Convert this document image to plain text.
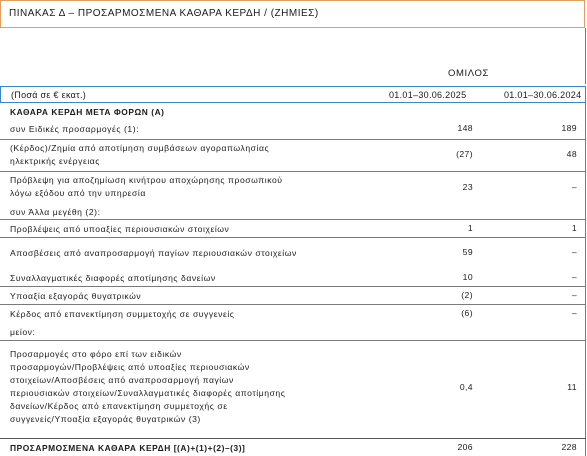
ΠΙΝΑΚΑΣ Δ – ΠΡΟΣΑΡΜΟΣΜΕΝΑ ΚΑΘΑΡΑ ΚΕΡΔΗ / (ΖΗΜΙΕΣ)
ΟΜΙΛΟΣ
(Ποσά σε € εκατ.)	01.01–30.06.2025	01.01–30.06.2024
ΚΑΘΑΡΑ ΚΕΡΔΗ ΜΕΤΑ ΦΟΡΩΝ (Α)
συν Ειδικές προσαρμογές (1):	148	189
(Κέρδος)/Ζημία από αποτίμηση συμβάσεων αγοραπωλησίας
ηλεκτρικής ενέργειας
(27)	48
Πρόβλεψη για αποζημίωση κινήτρου αποχώρησης προσωπικού
λόγω εξόδου από την υπηρεσία
23	–
συν Άλλα μεγέθη (2):
Προβλέψεις από υποαξίες περιουσιακών στοιχείων	1	1
Αποσβέσεις από αναπροσαρμογή παγίων περιουσιακών στοιχείων	59	–
Συναλλαγματικές διαφορές αποτίμησης δανείων	10	–
Υποαξία εξαγοράς θυγατρικών	(2)	–
Κέρδος από επανεκτίμηση συμμετοχής σε συγγενείς	(6)	–
μείον:
Προσαρμογές στο φόρο επί των ειδικών
προσαρμογών/Προβλέψεις από υποαξίες περιουσιακών
στοιχείων/Αποσβέσεις από αναπροσαρμογή παγίων
περιουσιακών στοιχείων/Συναλλαγματικές διαφορές αποτίμησης
δανείων/Κέρδος από επανεκτίμηση συμμετοχής σε
συγγενείς/Υποαξία εξαγοράς θυγατρικών (3)
0,4	11
ΠΡΟΣΑΡΜΟΣΜΕΝΑ ΚΑΘΑΡΑ ΚΕΡΔΗ [(Α)+(1)+(2)–(3)]	206	228
